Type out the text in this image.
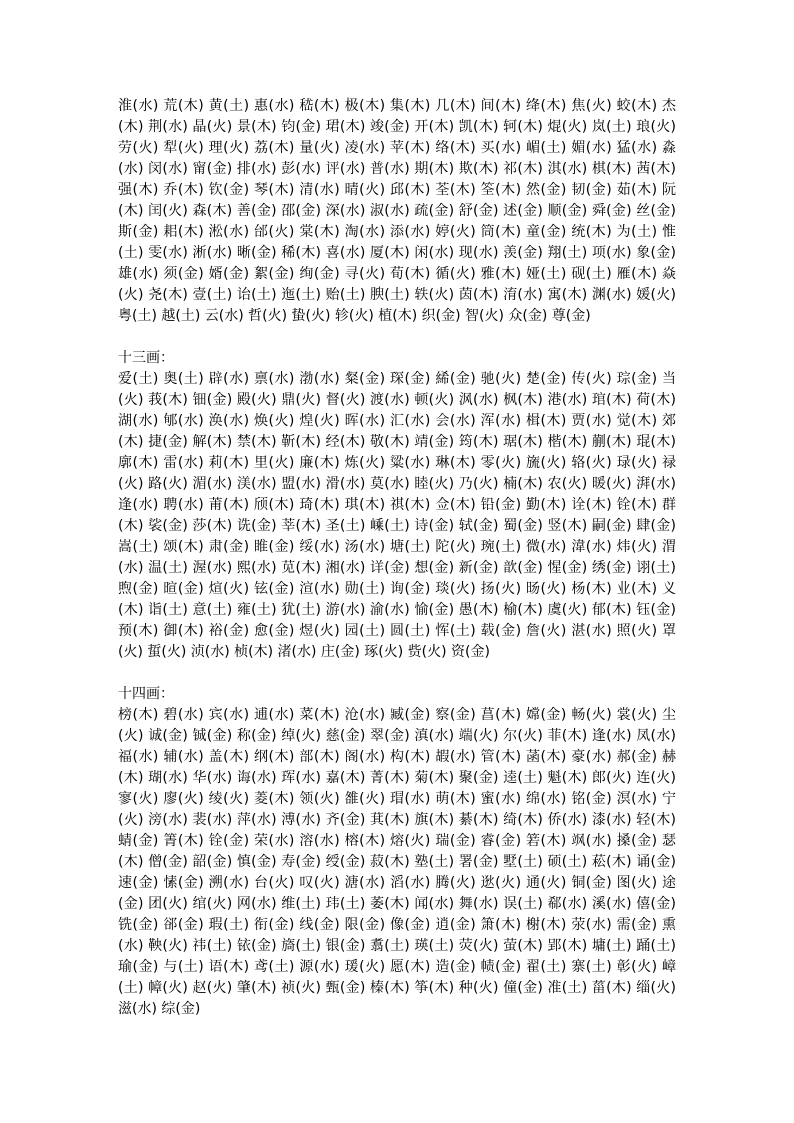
淮(水) 荒(木) 黄(土) 惠(水) 嵇(木) 极(木) 集(木) 几(木) 间(木) 绛(木) 焦(火) 蛟(木) 杰(木) 荆(水) 晶(火) 景(木) 钧(金) 珺(木) 竣(金) 开(木) 凯(木) 轲(木) 焜(火) 岚(土) 琅(火) 劳(火) 犁(火) 理(火) 荔(木) 量(火) 凌(水) 苹(木) 络(木) 买(水) 嵋(土) 媚(水) 猛(水) 淼(水) 闵(水) 甯(金) 排(水) 彭(水) 评(水) 普(水) 期(木) 欺(木) 祁(木) 淇(水) 棋(木) 茜(木) 强(木) 乔(木) 钦(金) 琴(木) 清(水) 晴(火) 邱(木) 荃(木) 筌(木) 然(金) 韧(金) 茹(木) 阮(木) 闰(火) 森(木) 善(金) 邵(金) 深(水) 淑(水) 疏(金) 舒(金) 述(金) 顺(金) 舜(金) 丝(金) 斯(金) 耜(木) 淞(水) 邰(火) 棠(木) 淘(水) 添(水) 婷(火) 筒(木) 童(金) 统(木) 为(土) 惟(土) 雯(水) 淅(水) 晰(金) 稀(木) 喜(水) 厦(木) 闲(水) 现(水) 羡(金) 翔(土) 项(水) 象(金) 雄(水) 须(金) 婿(金) 絮(金) 绚(金) 寻(火) 荀(木) 循(火) 雅(木) 娅(土) 砚(土) 雁(木) 焱(火) 尧(木) 壹(土) 诒(土) 迤(土) 贻(土) 腴(土) 轶(火) 茵(木) 淯(水) 寓(木) 渊(水) 媛(火) 粤(土) 越(土) 云(水) 哲(火) 蛰(火) 轸(火) 植(木) 织(金) 智(火) 众(金) 尊(金)

十三画：

爱(土) 奥(土) 辟(水) 禀(水) 渤(水) 粲(金) 琛(金) 絺(金) 驰(火) 楚(金) 传(火) 琮(金) 当(火) 莪(木) 钿(金) 殿(火) 鼎(火) 督(火) 渡(水) 顿(火) 沨(水) 枫(木) 港(水) 琯(木) 荷(木) 湖(水) 郇(水) 涣(水) 焕(火) 煌(火) 晖(水) 汇(水) 会(水) 浑(水) 楫(木) 贾(水) 觉(木) 郊(木) 捷(金) 解(木) 禁(木) 靳(木) 经(木) 敬(木) 靖(金) 筠(木) 琚(木) 楷(木) 蒯(木) 琨(木) 廓(木) 雷(水) 莉(木) 里(火) 廉(木) 炼(火) 粱(水) 琳(木) 零(火) 旒(火) 辂(火) 琭(火) 禄(火) 路(火) 湄(水) 渼(水) 盟(水) 滑(水) 莫(水) 睦(火) 乃(火) 楠(木) 农(火) 暖(火) 湃(水) 逢(水) 聘(水) 莆(木) 颀(木) 琦(木) 琪(木) 祺(木) 佥(木) 铅(金) 勤(木) 诠(木) 铨(木) 群(木) 裟(金) 莎(木) 诜(金) 莘(木) 圣(土) 嵊(土) 诗(金) 轼(金) 蜀(金) 竖(木) 嗣(金) 肆(金) 嵩(土) 颂(木) 肃(金) 睢(金) 绥(水) 汤(水) 塘(土) 陀(火) 琬(土) 微(水) 湋(水) 炜(火) 渭(水) 温(土) 渥(水) 熙(水) 苋(木) 湘(水) 详(金) 想(金) 新(金) 歆(金) 惺(金) 绣(金) 诩(土) 煦(金) 暄(金) 煊(火) 铉(金) 渲(水) 勋(土) 询(金) 琰(火) 扬(火) 旸(火) 杨(木) 业(木) 义(木) 诣(土) 意(土) 雍(土) 犹(土) 游(水) 渝(水) 愉(金) 愚(木) 榆(木) 虞(火) 郁(木) 钰(金) 预(木) 御(木) 裕(金) 愈(金) 煜(火) 园(土) 圆(土) 恽(土) 载(金) 詹(火) 湛(水) 照(火) 罩(火) 蜇(火) 浈(水) 桢(木) 渚(水) 庄(金) 琢(火) 赀(火) 资(金)

十四画：

榜(木) 碧(水) 宾(水) 逋(水) 菜(木) 沧(水) 臧(金) 察(金) 菖(木) 嫦(金) 畅(火) 裳(火) 尘(火) 诚(金) 铖(金) 称(金) 绰(火) 慈(金) 翠(金) 滇(水) 端(火) 尔(火) 菲(木) 逢(水) 凤(水) 福(水) 辅(水) 盖(木) 纲(木) 部(木) 阁(水) 构(木) 嘏(水) 管(木) 菡(木) 豪(水) 郝(金) 赫(木) 瑚(水) 华(水) 诲(水) 珲(水) 嘉(木) 菁(木) 菊(木) 聚(金) 逵(土) 魁(木) 郎(火) 连(火) 寥(火) 廖(火) 绫(火) 菱(木) 领(火) 雒(火) 瑁(水) 萌(木) 蜜(水) 绵(水) 铭(金) 溟(水) 宁(火) 滂(水) 裴(水) 萍(水) 溥(水) 齐(金) 萁(木) 旗(木) 綦(木) 绮(木) 侨(水) 漆(水) 轻(木) 蜻(金) 箐(木) 铨(金) 荣(水) 溶(水) 榕(木) 熔(火) 瑞(金) 睿(金) 箬(木) 飒(水) 搡(金) 瑟(木) 僧(金) 韶(金) 慎(金) 寿(金) 绶(金) 菽(木) 塾(土) 署(金) 墅(土) 硕(土) 菘(木) 诵(金) 速(金) 愫(金) 溯(水) 台(火) 叹(火) 溏(水) 滔(水) 腾(火) 逖(火) 通(火) 铜(金) 图(火) 途(金) 团(火) 绾(火) 网(水) 维(土) 玮(土) 萎(木) 闻(水) 舞(水) 误(土) 郗(水) 溪(水) 僖(金) 铣(金) 郤(金) 瑕(土) 衔(金) 线(金) 限(金) 像(金) 逍(金) 箫(木) 榭(木) 荥(水) 需(金) 熏(水) 鞅(火) 祎(土) 铱(金) 旖(土) 银(金) 翥(土) 瑛(土) 荧(火) 萤(木) 郢(木) 墉(土) 踊(土) 瑜(金) 与(土) 语(木) 鸢(土) 源(水) 瑗(火) 愿(木) 造(金) 帻(金) 翟(土) 寨(土) 彰(火) 嶂(土) 幛(火) 赵(火) 肇(木) 祯(火) 甄(金) 榛(木) 筝(木) 种(火) 僮(金) 准(土) 菑(木) 缁(火) 滋(水) 综(金)
